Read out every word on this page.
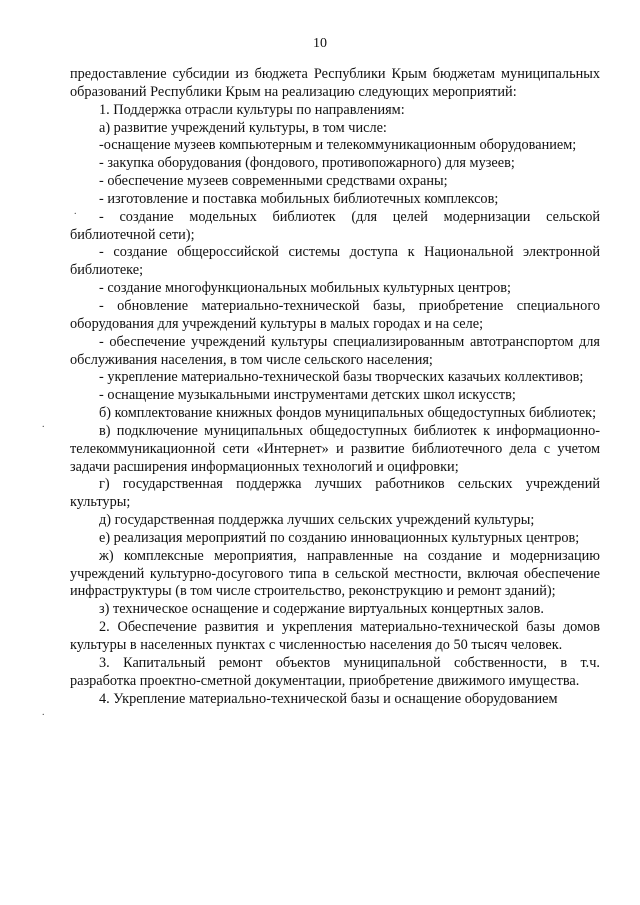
10

предоставление субсидии из бюджета Республики Крым бюджетам муниципальных образований Республики Крым на реализацию следующих мероприятий:

1. Поддержка отрасли культуры по направлениям:

а) развитие учреждений культуры, в том числе:

-оснащение музеев компьютерным и телекоммуникационным оборудованием;

- закупка оборудования (фондового, противопожарного) для музеев;

- обеспечение музеев современными средствами охраны;

- изготовление и поставка мобильных библиотечных комплексов;

- создание модельных библиотек (для целей модернизации сельской библиотечной сети);

- создание общероссийской системы доступа к Национальной электронной библиотеке;

- создание многофункциональных мобильных культурных центров;

- обновление материально-технической базы, приобретение специального оборудования для учреждений культуры в малых городах и на селе;

- обеспечение учреждений культуры специализированным автотранспортом для обслуживания населения, в том числе сельского населения;

- укрепление материально-технической базы творческих казачьих коллективов;

- оснащение музыкальными инструментами детских школ искусств;

б) комплектование книжных фондов муниципальных общедоступных библиотек;

в) подключение муниципальных общедоступных библиотек к информационно-телекоммуникационной сети «Интернет» и развитие библиотечного дела с учетом задачи расширения информационных технологий и оцифровки;

г) государственная поддержка лучших работников сельских учреждений культуры;

д) государственная поддержка лучших сельских учреждений культуры;

е) реализация мероприятий по созданию инновационных культурных центров;

ж) комплексные мероприятия, направленные на создание и модернизацию учреждений культурно-досугового типа в сельской местности, включая обеспечение инфраструктуры (в том числе строительство, реконструкцию и ремонт зданий);

з) техническое оснащение и содержание виртуальных концертных залов.

2. Обеспечение развития и укрепления материально-технической базы домов культуры в населенных пунктах с численностью населения до 50 тысяч человек.

3. Капитальный ремонт объектов муниципальной собственности, в т.ч. разработка проектно-сметной документации, приобретение движимого имущества.

4. Укрепление материально-технической базы и оснащение оборудованием

.
.
.
